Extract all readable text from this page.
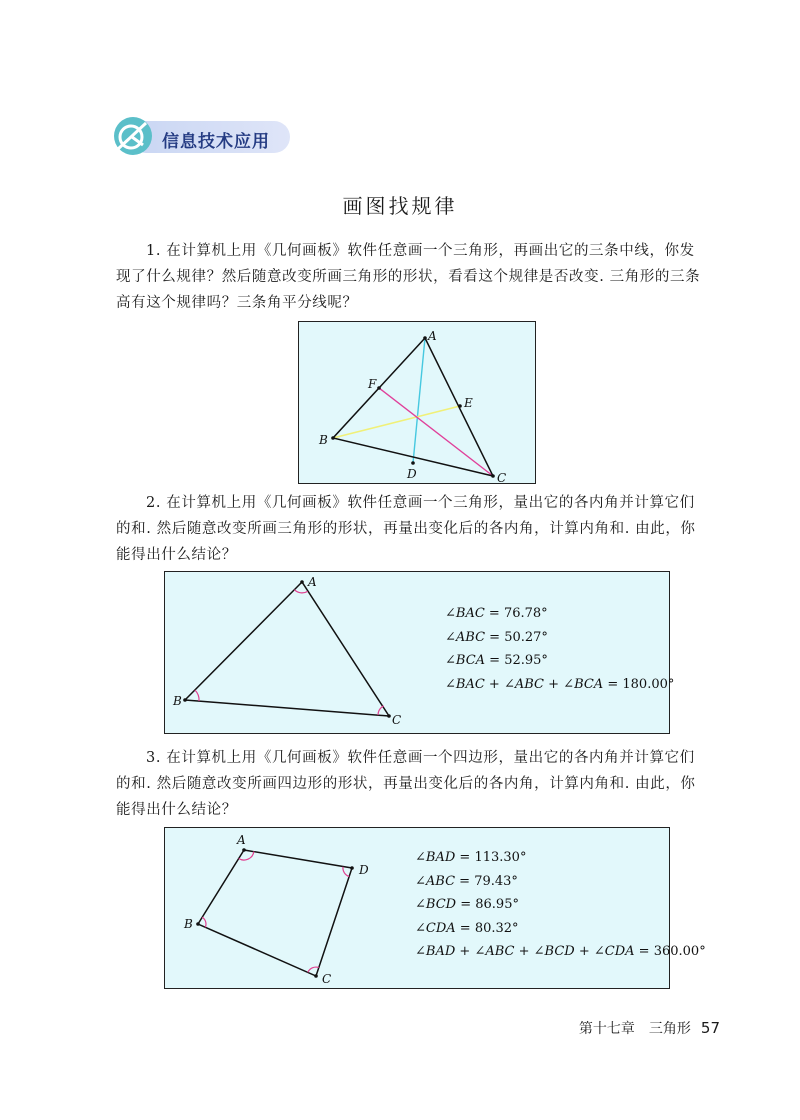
信息技术应用
画图找规律
1. 在计算机上用《几何画板》软件任意画一个三角形，再画出它的三条中线，你发
现了什么规律？然后随意改变所画三角形的形状，看看这个规律是否改变. 三角形的三条
高有这个规律吗？三条角平分线呢？
A
B
C
D
E
F
2. 在计算机上用《几何画板》软件任意画一个三角形，量出它的各内角并计算它们
的和. 然后随意改变所画三角形的形状，再量出变化后的各内角，计算内角和. 由此，你
能得出什么结论？
A
B
C
∠BAC = 76.78°
∠ABC = 50.27°
∠BCA = 52.95°
∠BAC + ∠ABC + ∠BCA = 180.00°
3. 在计算机上用《几何画板》软件任意画一个四边形，量出它的各内角并计算它们
的和. 然后随意改变所画四边形的形状，再量出变化后的各内角，计算内角和. 由此，你
能得出什么结论？
A
B
C
D
∠BAD = 113.30°
∠ABC = 79.43°
∠BCD = 86.95°
∠CDA = 80.32°
∠BAD + ∠ABC + ∠BCD + ∠CDA = 360.00°
第十七章　三角形 57
